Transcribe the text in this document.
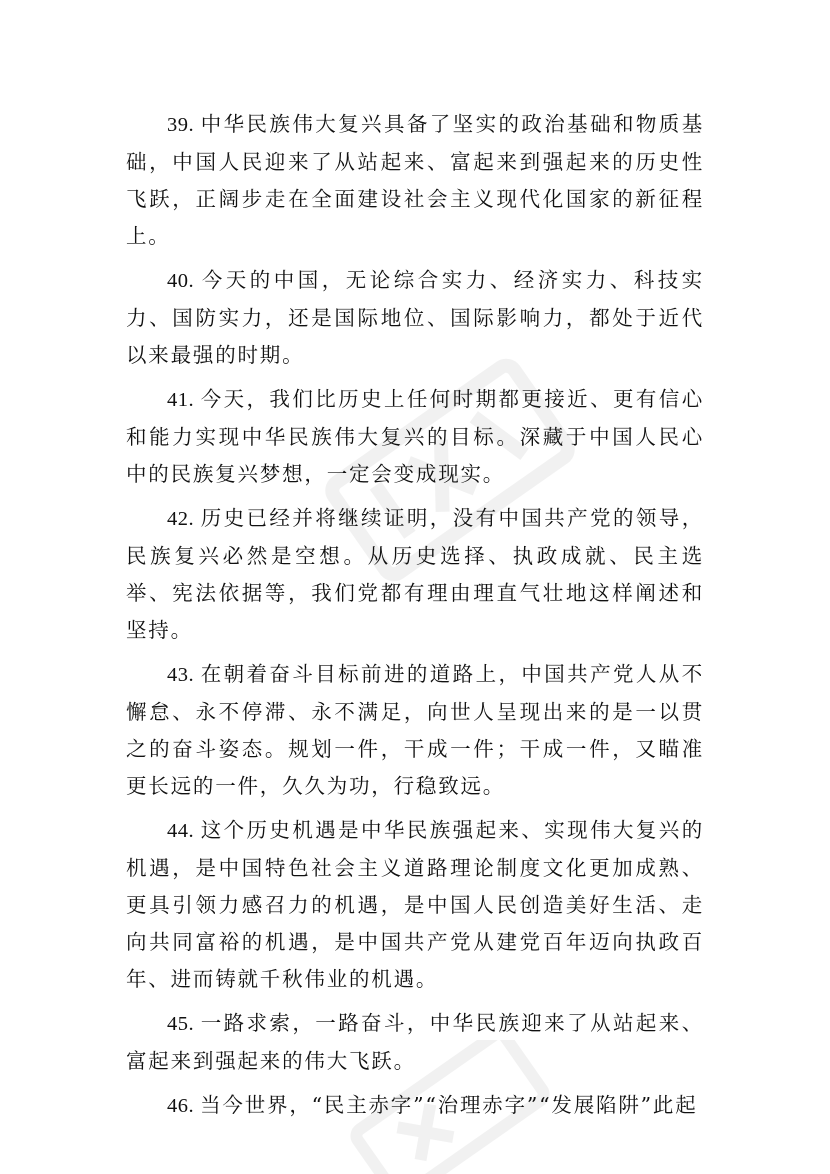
39. 中华民族伟大复兴具备了坚实的政治基础和物质基础，中国人民迎来了从站起来、富起来到强起来的历史性飞跃，正阔步走在全面建设社会主义现代化国家的新征程上。

40. 今天的中国，无论综合实力、经济实力、科技实力、国防实力，还是国际地位、国际影响力，都处于近代以来最强的时期。

41. 今天，我们比历史上任何时期都更接近、更有信心和能力实现中华民族伟大复兴的目标。深藏于中国人民心中的民族复兴梦想，一定会变成现实。

42. 历史已经并将继续证明，没有中国共产党的领导，民族复兴必然是空想。从历史选择、执政成就、民主选举、宪法依据等，我们党都有理由理直气壮地这样阐述和坚持。

43. 在朝着奋斗目标前进的道路上，中国共产党人从不懈怠、永不停滞、永不满足，向世人呈现出来的是一以贯之的奋斗姿态。规划一件，干成一件；干成一件，又瞄准更长远的一件，久久为功，行稳致远。

44. 这个历史机遇是中华民族强起来、实现伟大复兴的机遇，是中国特色社会主义道路理论制度文化更加成熟、更具引领力感召力的机遇，是中国人民创造美好生活、走向共同富裕的机遇，是中国共产党从建党百年迈向执政百年、进而铸就千秋伟业的机遇。

45. 一路求索，一路奋斗，中华民族迎来了从站起来、富起来到强起来的伟大飞跃。

46. 当今世界，“民主赤字”“治理赤字”“发展陷阱”此起
